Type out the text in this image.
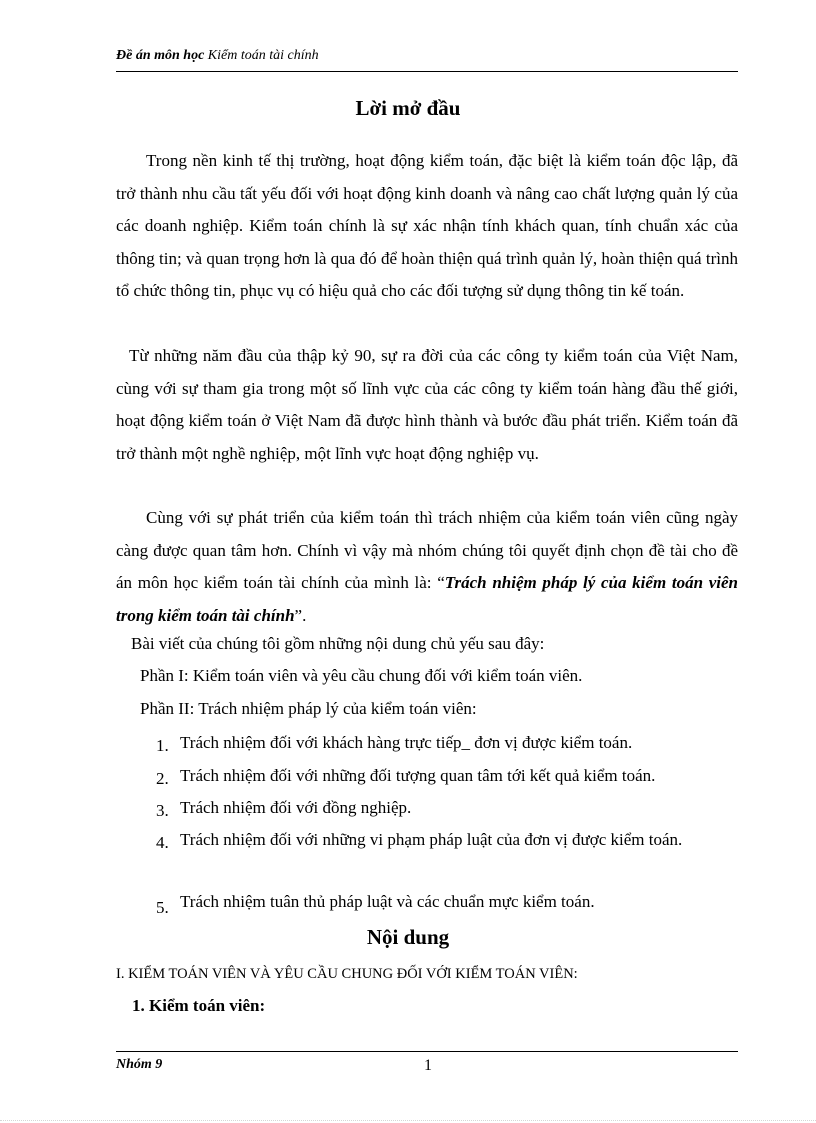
Đề án môn học Kiểm toán tài chính
Lời mở đầu

Trong nền kinh tế thị trường, hoạt động kiểm toán, đặc biệt là kiểm toán độc lập, đã trở thành nhu cầu tất yếu đối với hoạt động kinh doanh và nâng cao chất lượng quản lý của các doanh nghiệp. Kiểm toán chính là sự xác nhận tính khách quan, tính chuẩn xác của thông tin; và quan trọng hơn là qua đó để hoàn thiện quá trình quản lý, hoàn thiện quá trình tổ chức thông tin, phục vụ có hiệu quả cho các đối tượng sử dụng thông tin kế toán.

Từ những năm đầu của thập kỷ 90, sự ra đời của các công ty kiểm toán của Việt Nam, cùng với sự tham gia trong một số lĩnh vực của các công ty kiểm toán hàng đầu thế giới, hoạt động kiểm toán ở Việt Nam đã được hình thành và bước đầu phát triển. Kiểm toán đã trở thành một nghề nghiệp, một lĩnh vực hoạt động nghiệp vụ.

Cùng với sự phát triển của kiểm toán thì trách nhiệm của kiểm toán viên cũng ngày càng được quan tâm hơn. Chính vì vậy mà nhóm chúng tôi quyết định chọn đề tài cho đề án môn học kiểm toán tài chính của mình là: “Trách nhiệm pháp lý của kiểm toán viên trong kiểm toán tài chính”.

Bài viết của chúng tôi gồm những nội dung chủ yếu sau đây:
Phần I: Kiểm toán viên và yêu cầu chung đối với kiểm toán viên.
Phần II: Trách nhiệm pháp lý của kiểm toán viên:
1. Trách nhiệm đối với khách hàng trực tiếp_ đơn vị được kiểm toán.
2. Trách nhiệm đối với những đối tượng quan tâm tới kết quả kiểm toán.
3. Trách nhiệm đối với đồng nghiệp.
4. Trách nhiệm đối với những vi phạm pháp luật của đơn vị được kiểm toán.
5. Trách nhiệm tuân thủ pháp luật và các chuẩn mực kiểm toán.
Nội dung
I. KIỂM TOÁN VIÊN VÀ YÊU CẦU CHUNG ĐỐI VỚI KIỂM TOÁN VIÊN:
1. Kiểm toán viên:
Nhóm 9	1
